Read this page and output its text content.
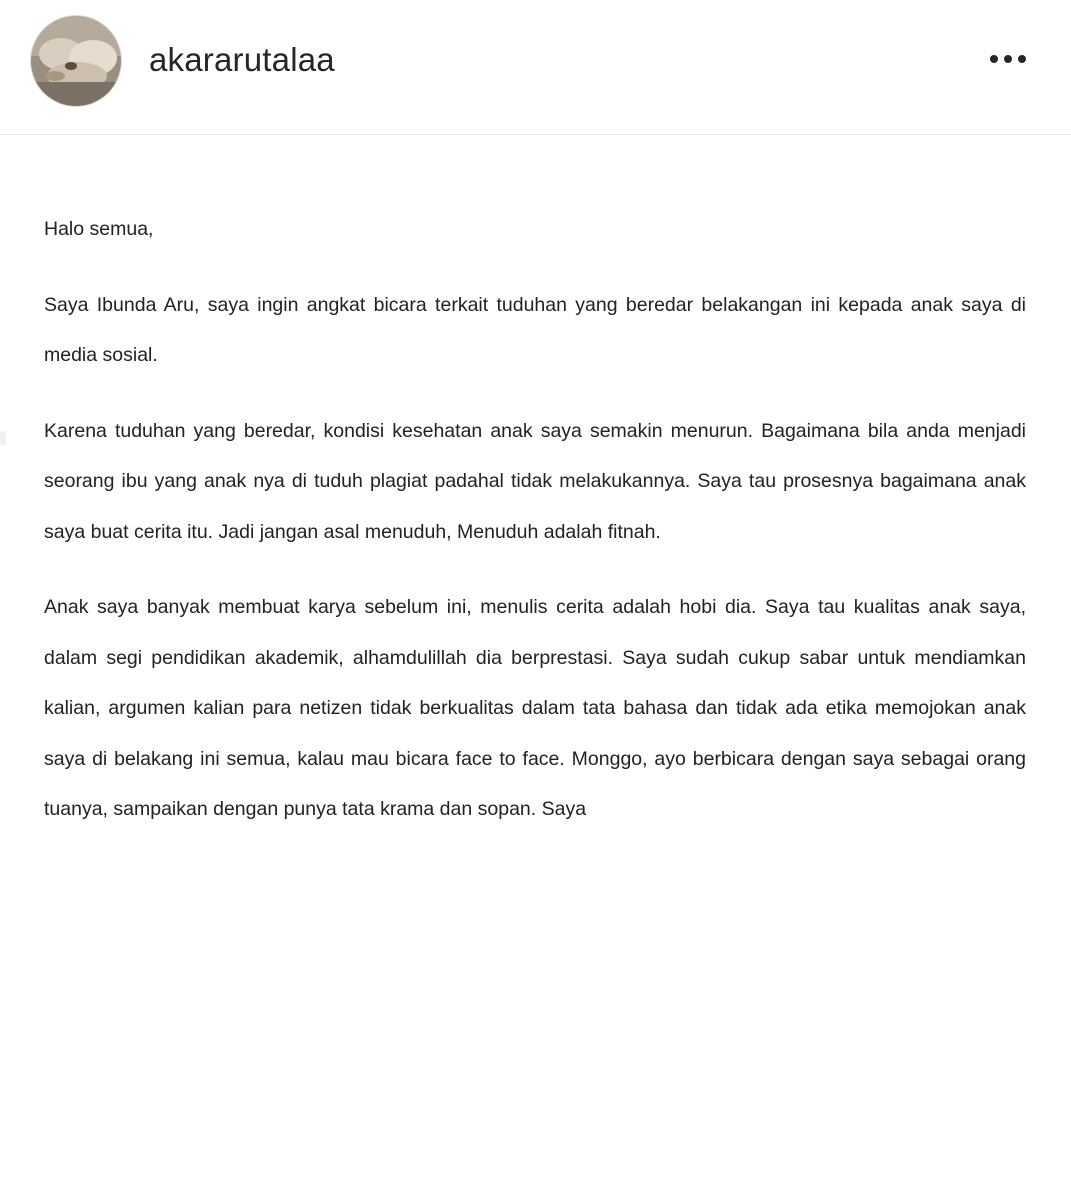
akararutalaa

Halo semua,

Saya Ibunda Aru, saya ingin angkat bicara terkait tuduhan yang beredar belakangan ini kepada anak saya di media sosial.

Karena tuduhan yang beredar, kondisi kesehatan anak saya semakin menurun. Bagaimana bila anda menjadi seorang ibu yang anak nya di tuduh plagiat padahal tidak melakukannya. Saya tau prosesnya bagaimana anak saya buat cerita itu. Jadi jangan asal menuduh, Menuduh adalah fitnah.

Anak saya banyak membuat karya sebelum ini, menulis cerita adalah hobi dia. Saya tau kualitas anak saya, dalam segi pendidikan akademik, alhamdulillah dia berprestasi. Saya sudah cukup sabar untuk mendiamkan kalian, argumen kalian para netizen tidak berkualitas dalam tata bahasa dan tidak ada etika memojokan anak saya di belakang ini semua, kalau mau bicara face to face. Monggo, ayo berbicara dengan saya sebagai orang tuanya, sampaikan dengan punya tata krama dan sopan. Saya
